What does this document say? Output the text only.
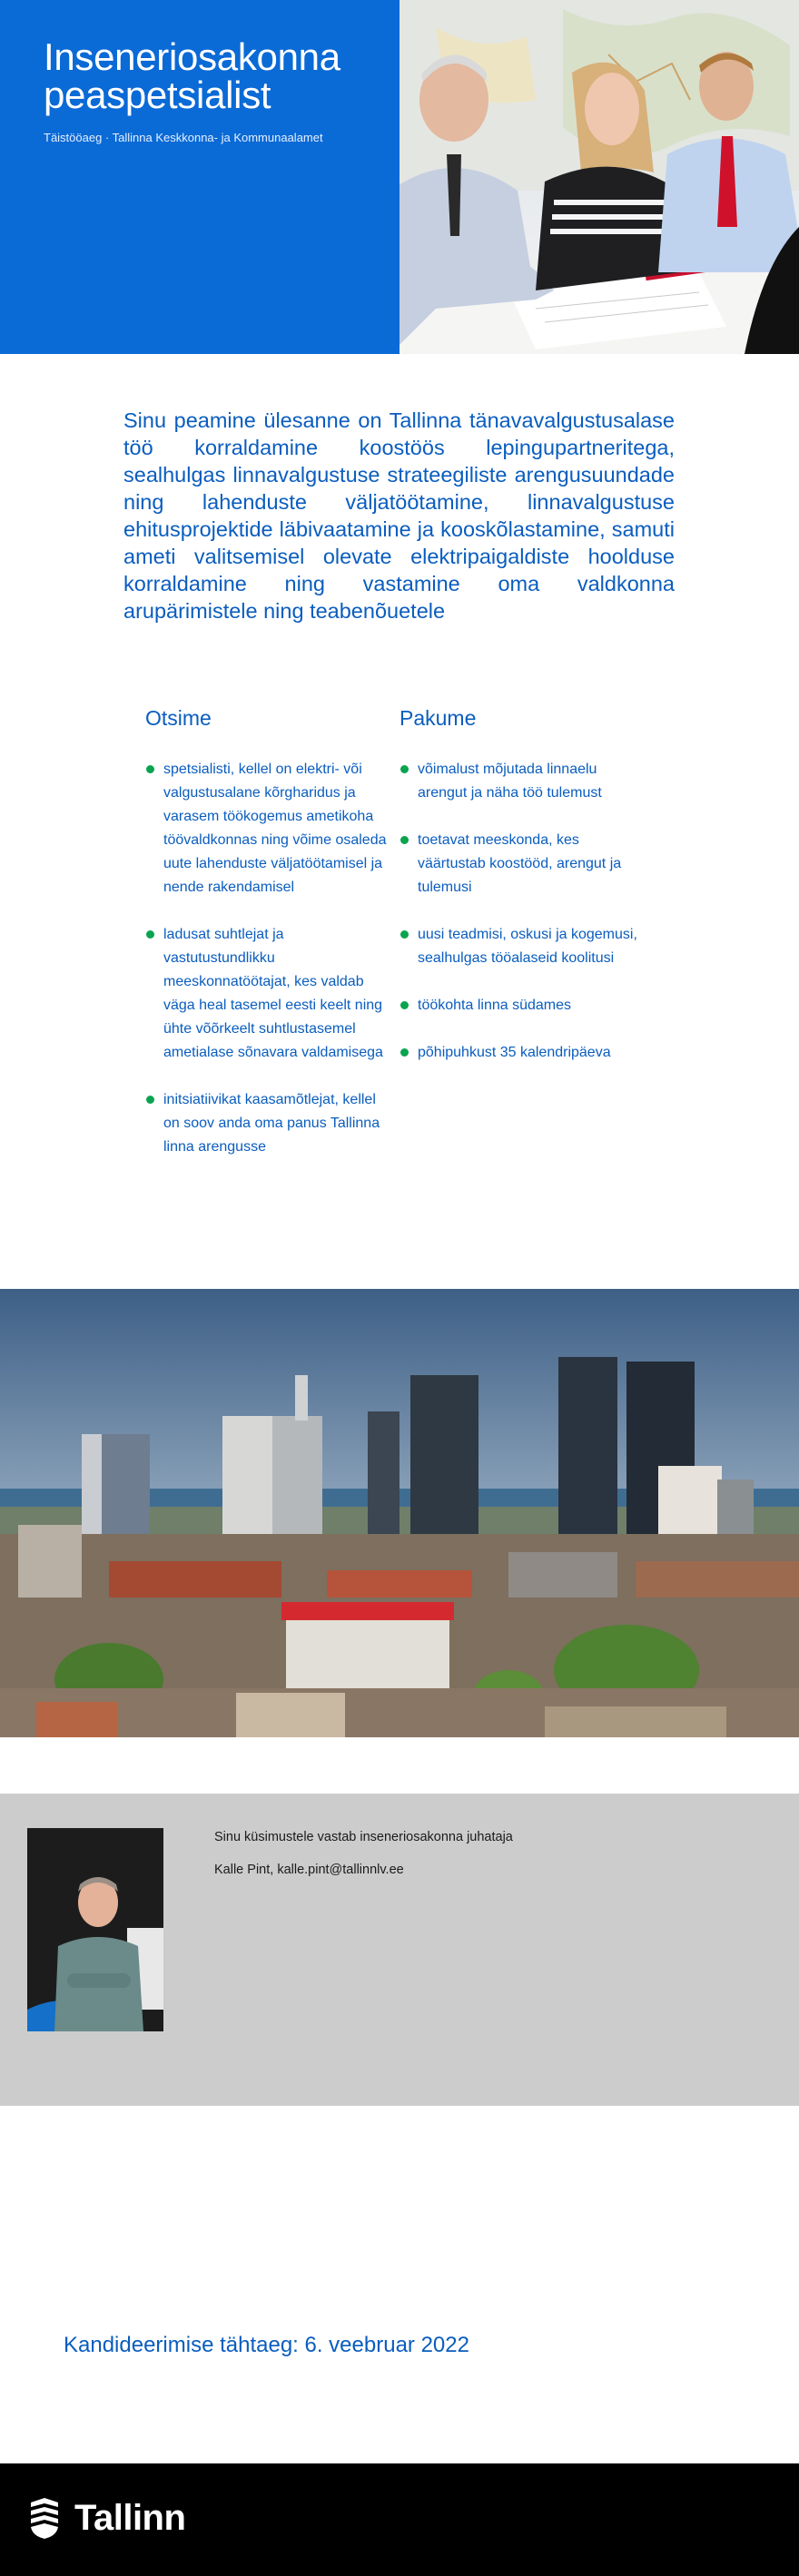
Inseneriosakonna
peaspetsialist
Täistööaeg · Tallinna Keskkonna- ja Kommunaalamet

Sinu peamine ülesanne on Tallinna tänavavalgustusalase töö korraldamine koostöös lepingupartneritega, sealhulgas linnavalgustuse strateegiliste arengusuundade ning lahenduste väljatöötamine, linnavalgustuse ehitusprojektide läbivaatamine ja kooskõlastamine, samuti ameti valitsemisel olevate elektripaigaldiste hoolduse korraldamine ning vastamine oma valdkonna arupärimistele ning teabenõuetele

Otsime
spetsialisti, kellel on elektri- või valgustusalane kõrgharidus ja varasem töökogemus ametikoha töövaldkonnas ning võime osaleda uute lahenduste väljatöötamisel ja nende rakendamisel
ladusat suhtlejat ja vastutustundlikku meeskonnatöötajat, kes valdab väga heal tasemel eesti keelt ning ühte võõrkeelt suhtlustasemel ametialase sõnavara valdamisega
initsiatiivikat kaasamõtlejat, kellel on soov anda oma panus Tallinna linna arengusse
Pakume
võimalust mõjutada linnaelu arengut ja näha töö tulemust
toetavat meeskonda, kes väärtustab koostööd, arengut ja tulemusi
uusi teadmisi, oskusi ja kogemusi, sealhulgas tööalaseid koolitusi
töökohta linna südames
põhipuhkust 35 kalendripäeva

Sinu küsimustele vastab inseneriosakonna juhataja

Kalle Pint, kalle.pint@tallinnlv.ee

Kandideerimise tähtaeg: 6. veebruar 2022
Tallinn
